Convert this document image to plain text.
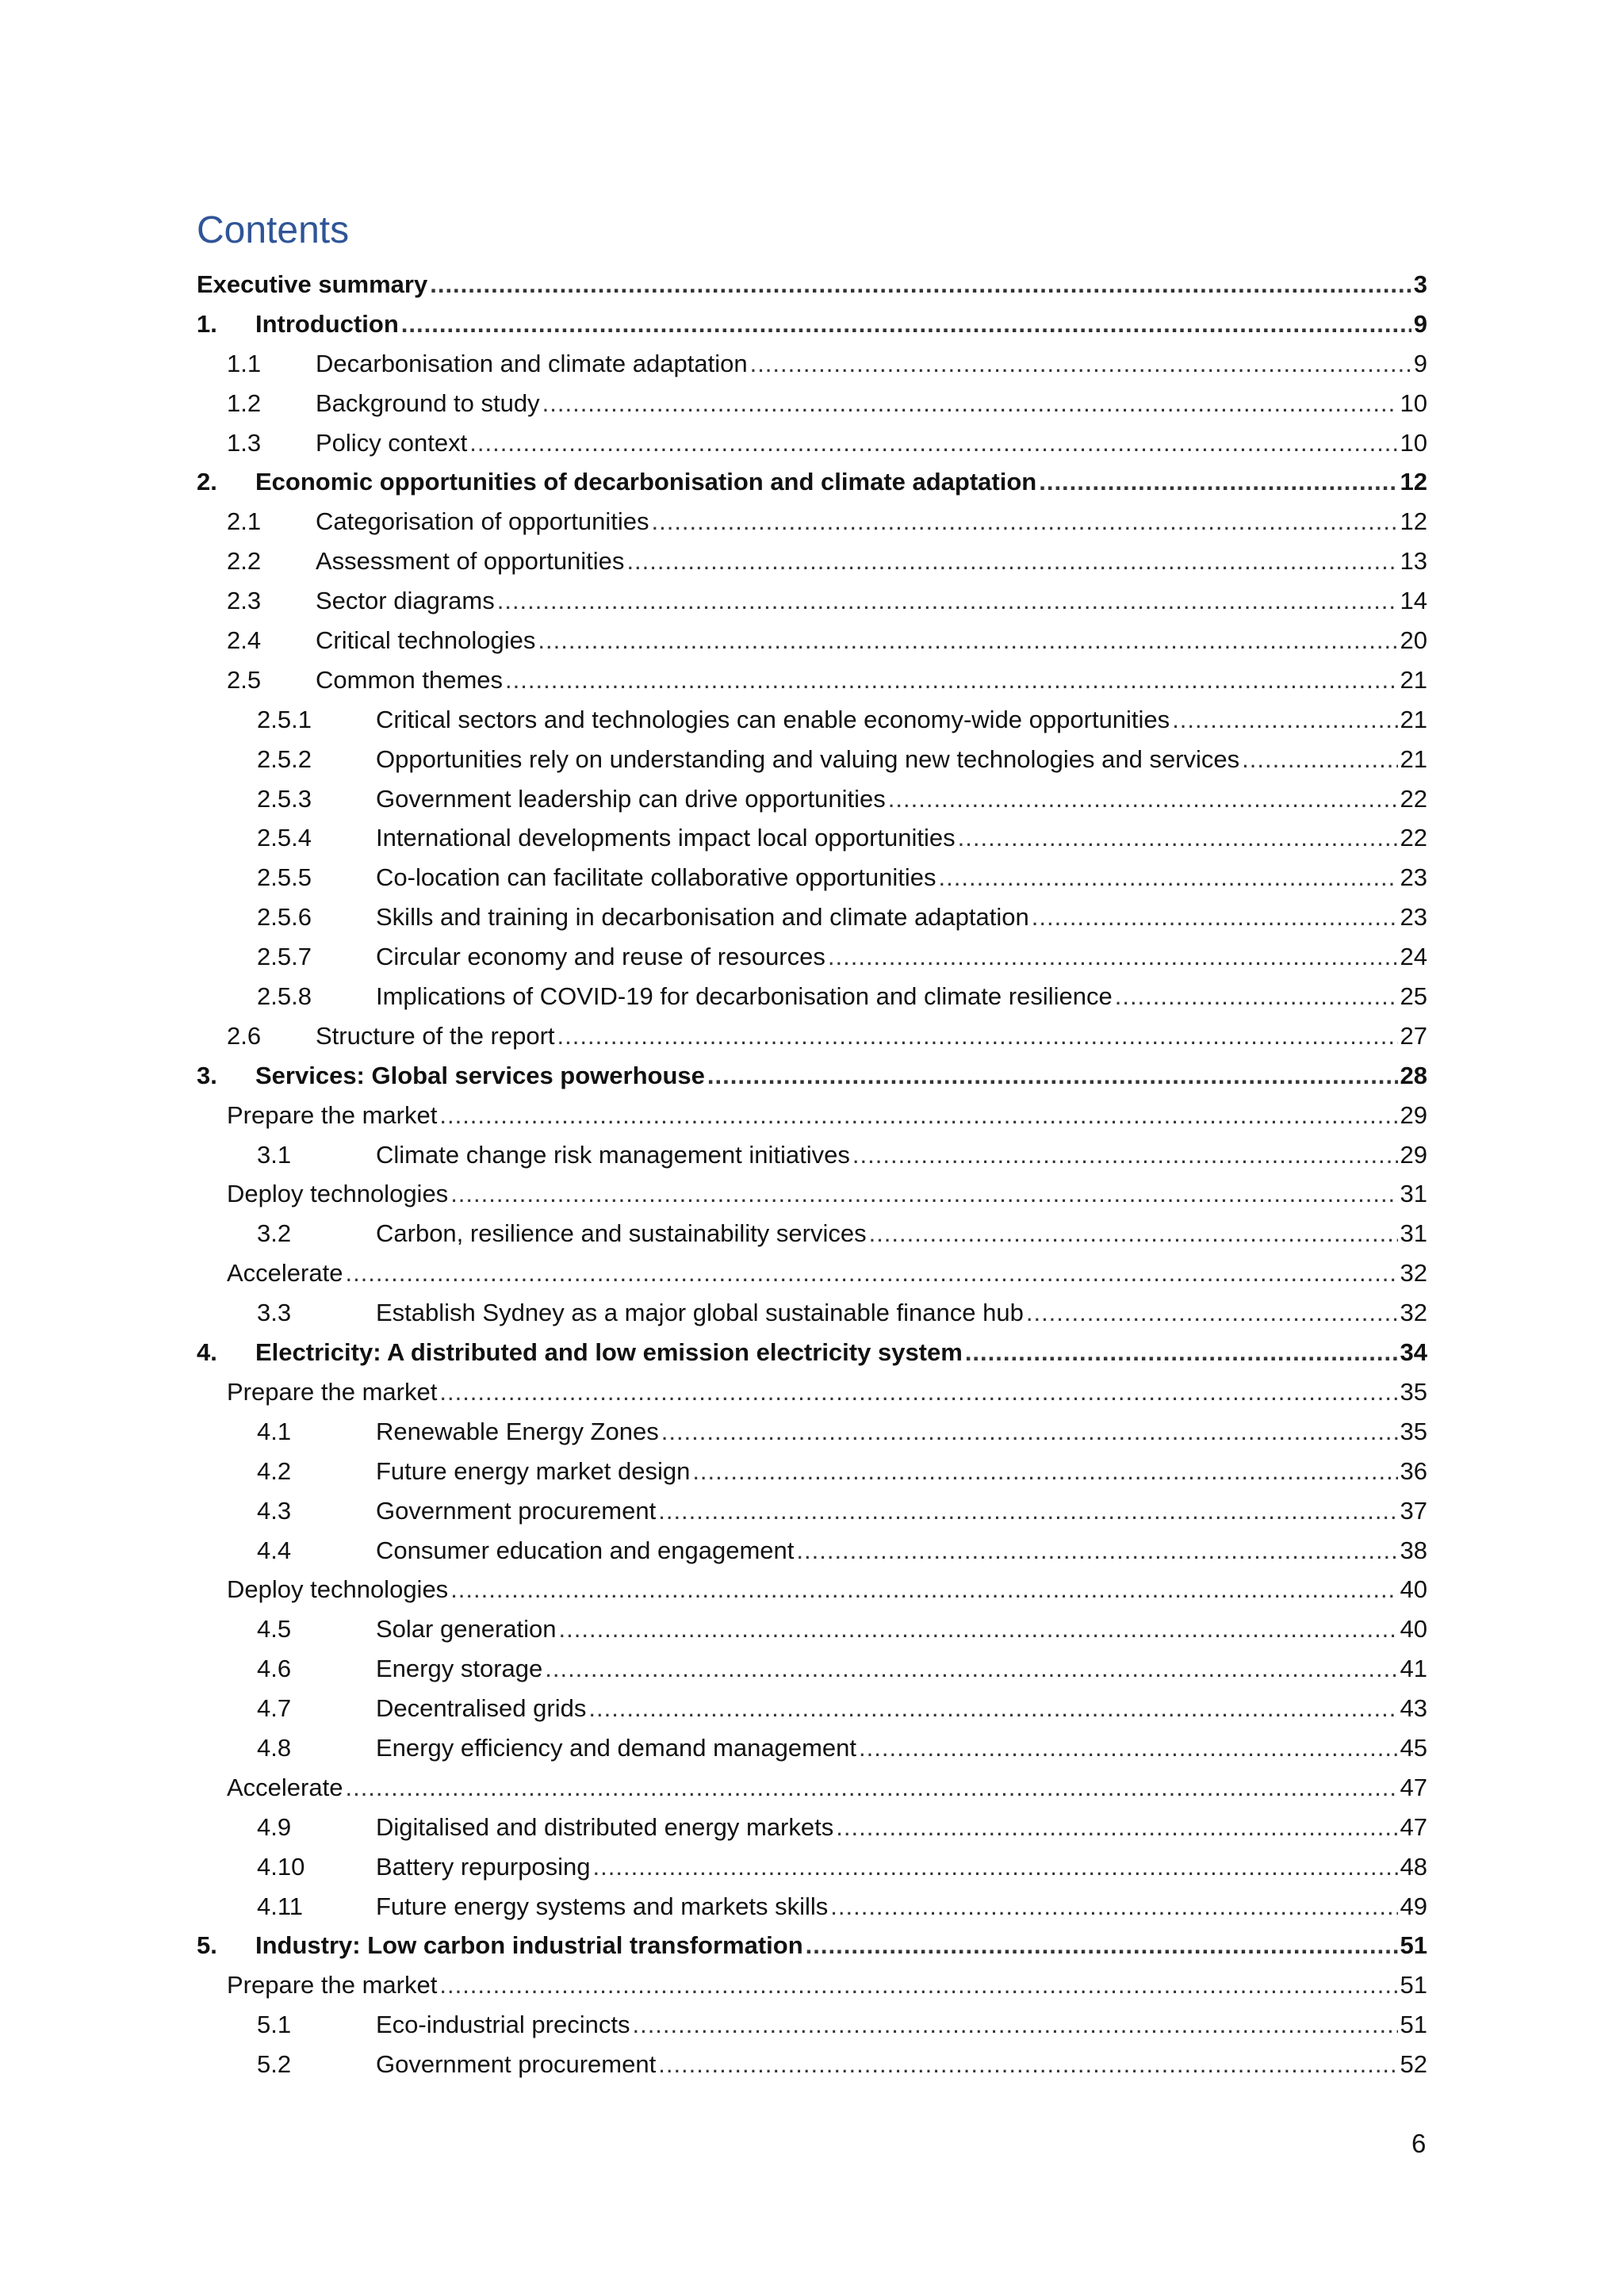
Contents
Executive summary .....	3
1.	Introduction .....	9
1.1	Decarbonisation and climate adaptation .....	9
1.2	Background to study .....	10
1.3	Policy context .....	10
2.	Economic opportunities of decarbonisation and climate adaptation .....	12
2.1	Categorisation of opportunities .....	12
2.2	Assessment of opportunities .....	13
2.3	Sector diagrams .....	14
2.4	Critical technologies .....	20
2.5	Common themes .....	21
2.5.1	Critical sectors and technologies can enable economy-wide opportunities .....	21
2.5.2	Opportunities rely on understanding and valuing new technologies and services .....	21
2.5.3	Government leadership can drive opportunities .....	22
2.5.4	International developments impact local opportunities .....	22
2.5.5	Co-location can facilitate collaborative opportunities .....	23
2.5.6	Skills and training in decarbonisation and climate adaptation .....	23
2.5.7	Circular economy and reuse of resources .....	24
2.5.8	Implications of COVID-19 for decarbonisation and climate resilience .....	25
2.6	Structure of the report .....	27
3.	Services: Global services powerhouse .....	28
Prepare the market .....	29
3.1	Climate change risk management initiatives .....	29
Deploy technologies .....	31
3.2	Carbon, resilience and sustainability services .....	31
Accelerate .....	32
3.3	Establish Sydney as a major global sustainable finance hub .....	32
4.	Electricity: A distributed and low emission electricity system .....	34
Prepare the market .....	35
4.1	Renewable Energy Zones .....	35
4.2	Future energy market design .....	36
4.3	Government procurement .....	37
4.4	Consumer education and engagement .....	38
Deploy technologies .....	40
4.5	Solar generation .....	40
4.6	Energy storage .....	41
4.7	Decentralised grids .....	43
4.8	Energy efficiency and demand management .....	45
Accelerate .....	47
4.9	Digitalised and distributed energy markets .....	47
4.10	Battery repurposing .....	48
4.11	Future energy systems and markets skills .....	49
5.	Industry: Low carbon industrial transformation .....	51
Prepare the market .....	51
5.1	Eco-industrial precincts .....	51
5.2	Government procurement .....	52
6
